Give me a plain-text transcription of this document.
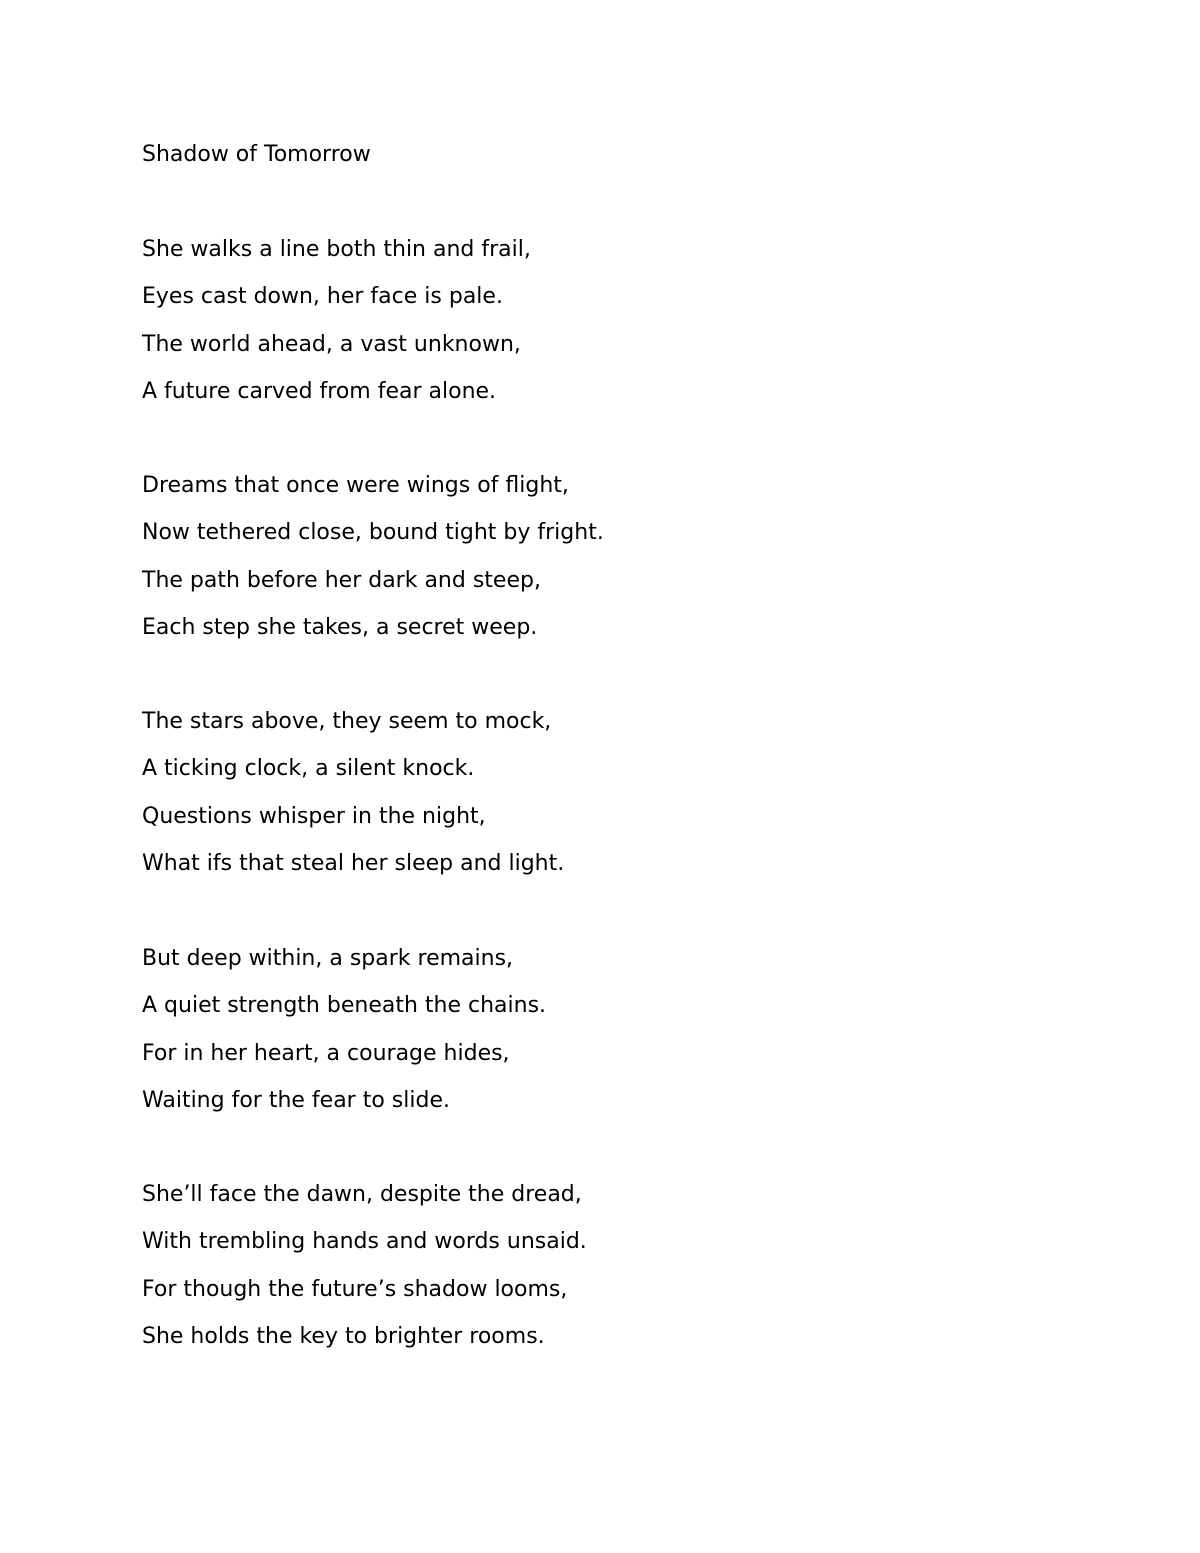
Shadow of Tomorrow
She walks a line both thin and frail,
Eyes cast down, her face is pale.
The world ahead, a vast unknown,
A future carved from fear alone.
Dreams that once were wings of flight,
Now tethered close, bound tight by fright.
The path before her dark and steep,
Each step she takes, a secret weep.
The stars above, they seem to mock,
A ticking clock, a silent knock.
Questions whisper in the night,
What ifs that steal her sleep and light.
But deep within, a spark remains,
A quiet strength beneath the chains.
For in her heart, a courage hides,
Waiting for the fear to slide.
She’ll face the dawn, despite the dread,
With trembling hands and words unsaid.
For though the future’s shadow looms,
She holds the key to brighter rooms.
